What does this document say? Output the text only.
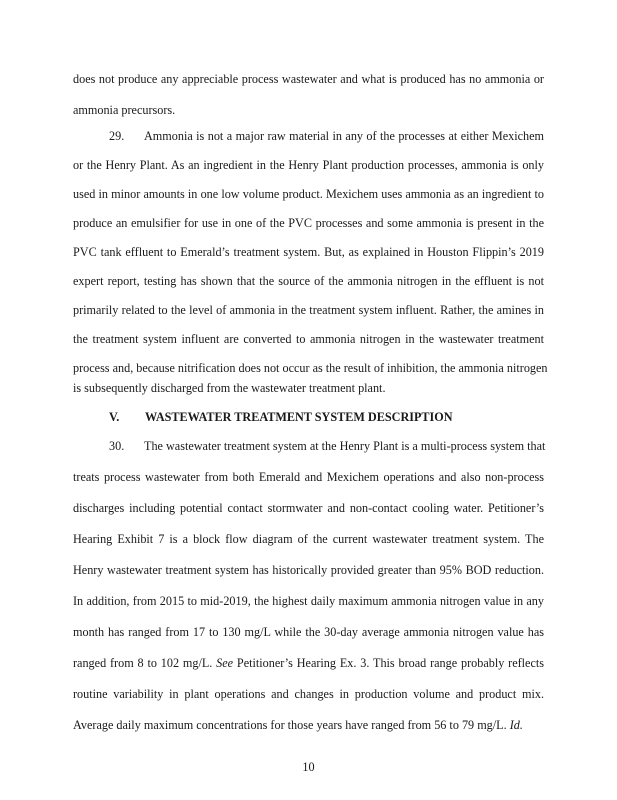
does not produce any appreciable process wastewater and what is produced has no ammonia or
ammonia precursors.
29. Ammonia is not a major raw material in any of the processes at either Mexichem
or the Henry Plant. As an ingredient in the Henry Plant production processes, ammonia is only
used in minor amounts in one low volume product. Mexichem uses ammonia as an ingredient to
produce an emulsifier for use in one of the PVC processes and some ammonia is present in the
PVC tank effluent to Emerald’s treatment system. But, as explained in Houston Flippin’s 2019
expert report, testing has shown that the source of the ammonia nitrogen in the effluent is not
primarily related to the level of ammonia in the treatment system influent. Rather, the amines in
the treatment system influent are converted to ammonia nitrogen in the wastewater treatment
process and, because nitrification does not occur as the result of inhibition, the ammonia nitrogen
is subsequently discharged from the wastewater treatment plant.
V. WASTEWATER TREATMENT SYSTEM DESCRIPTION
30. The wastewater treatment system at the Henry Plant is a multi-process system that
treats process wastewater from both Emerald and Mexichem operations and also non-process
discharges including potential contact stormwater and non-contact cooling water. Petitioner’s
Hearing Exhibit 7 is a block flow diagram of the current wastewater treatment system. The
Henry wastewater treatment system has historically provided greater than 95% BOD reduction.
In addition, from 2015 to mid-2019, the highest daily maximum ammonia nitrogen value in any
month has ranged from 17 to 130 mg/L while the 30-day average ammonia nitrogen value has
ranged from 8 to 102 mg/L. See Petitioner’s Hearing Ex. 3. This broad range probably reflects
routine variability in plant operations and changes in production volume and product mix.
10
Average daily maximum concentrations for those years have ranged from 56 to 79 mg/L. Id.
